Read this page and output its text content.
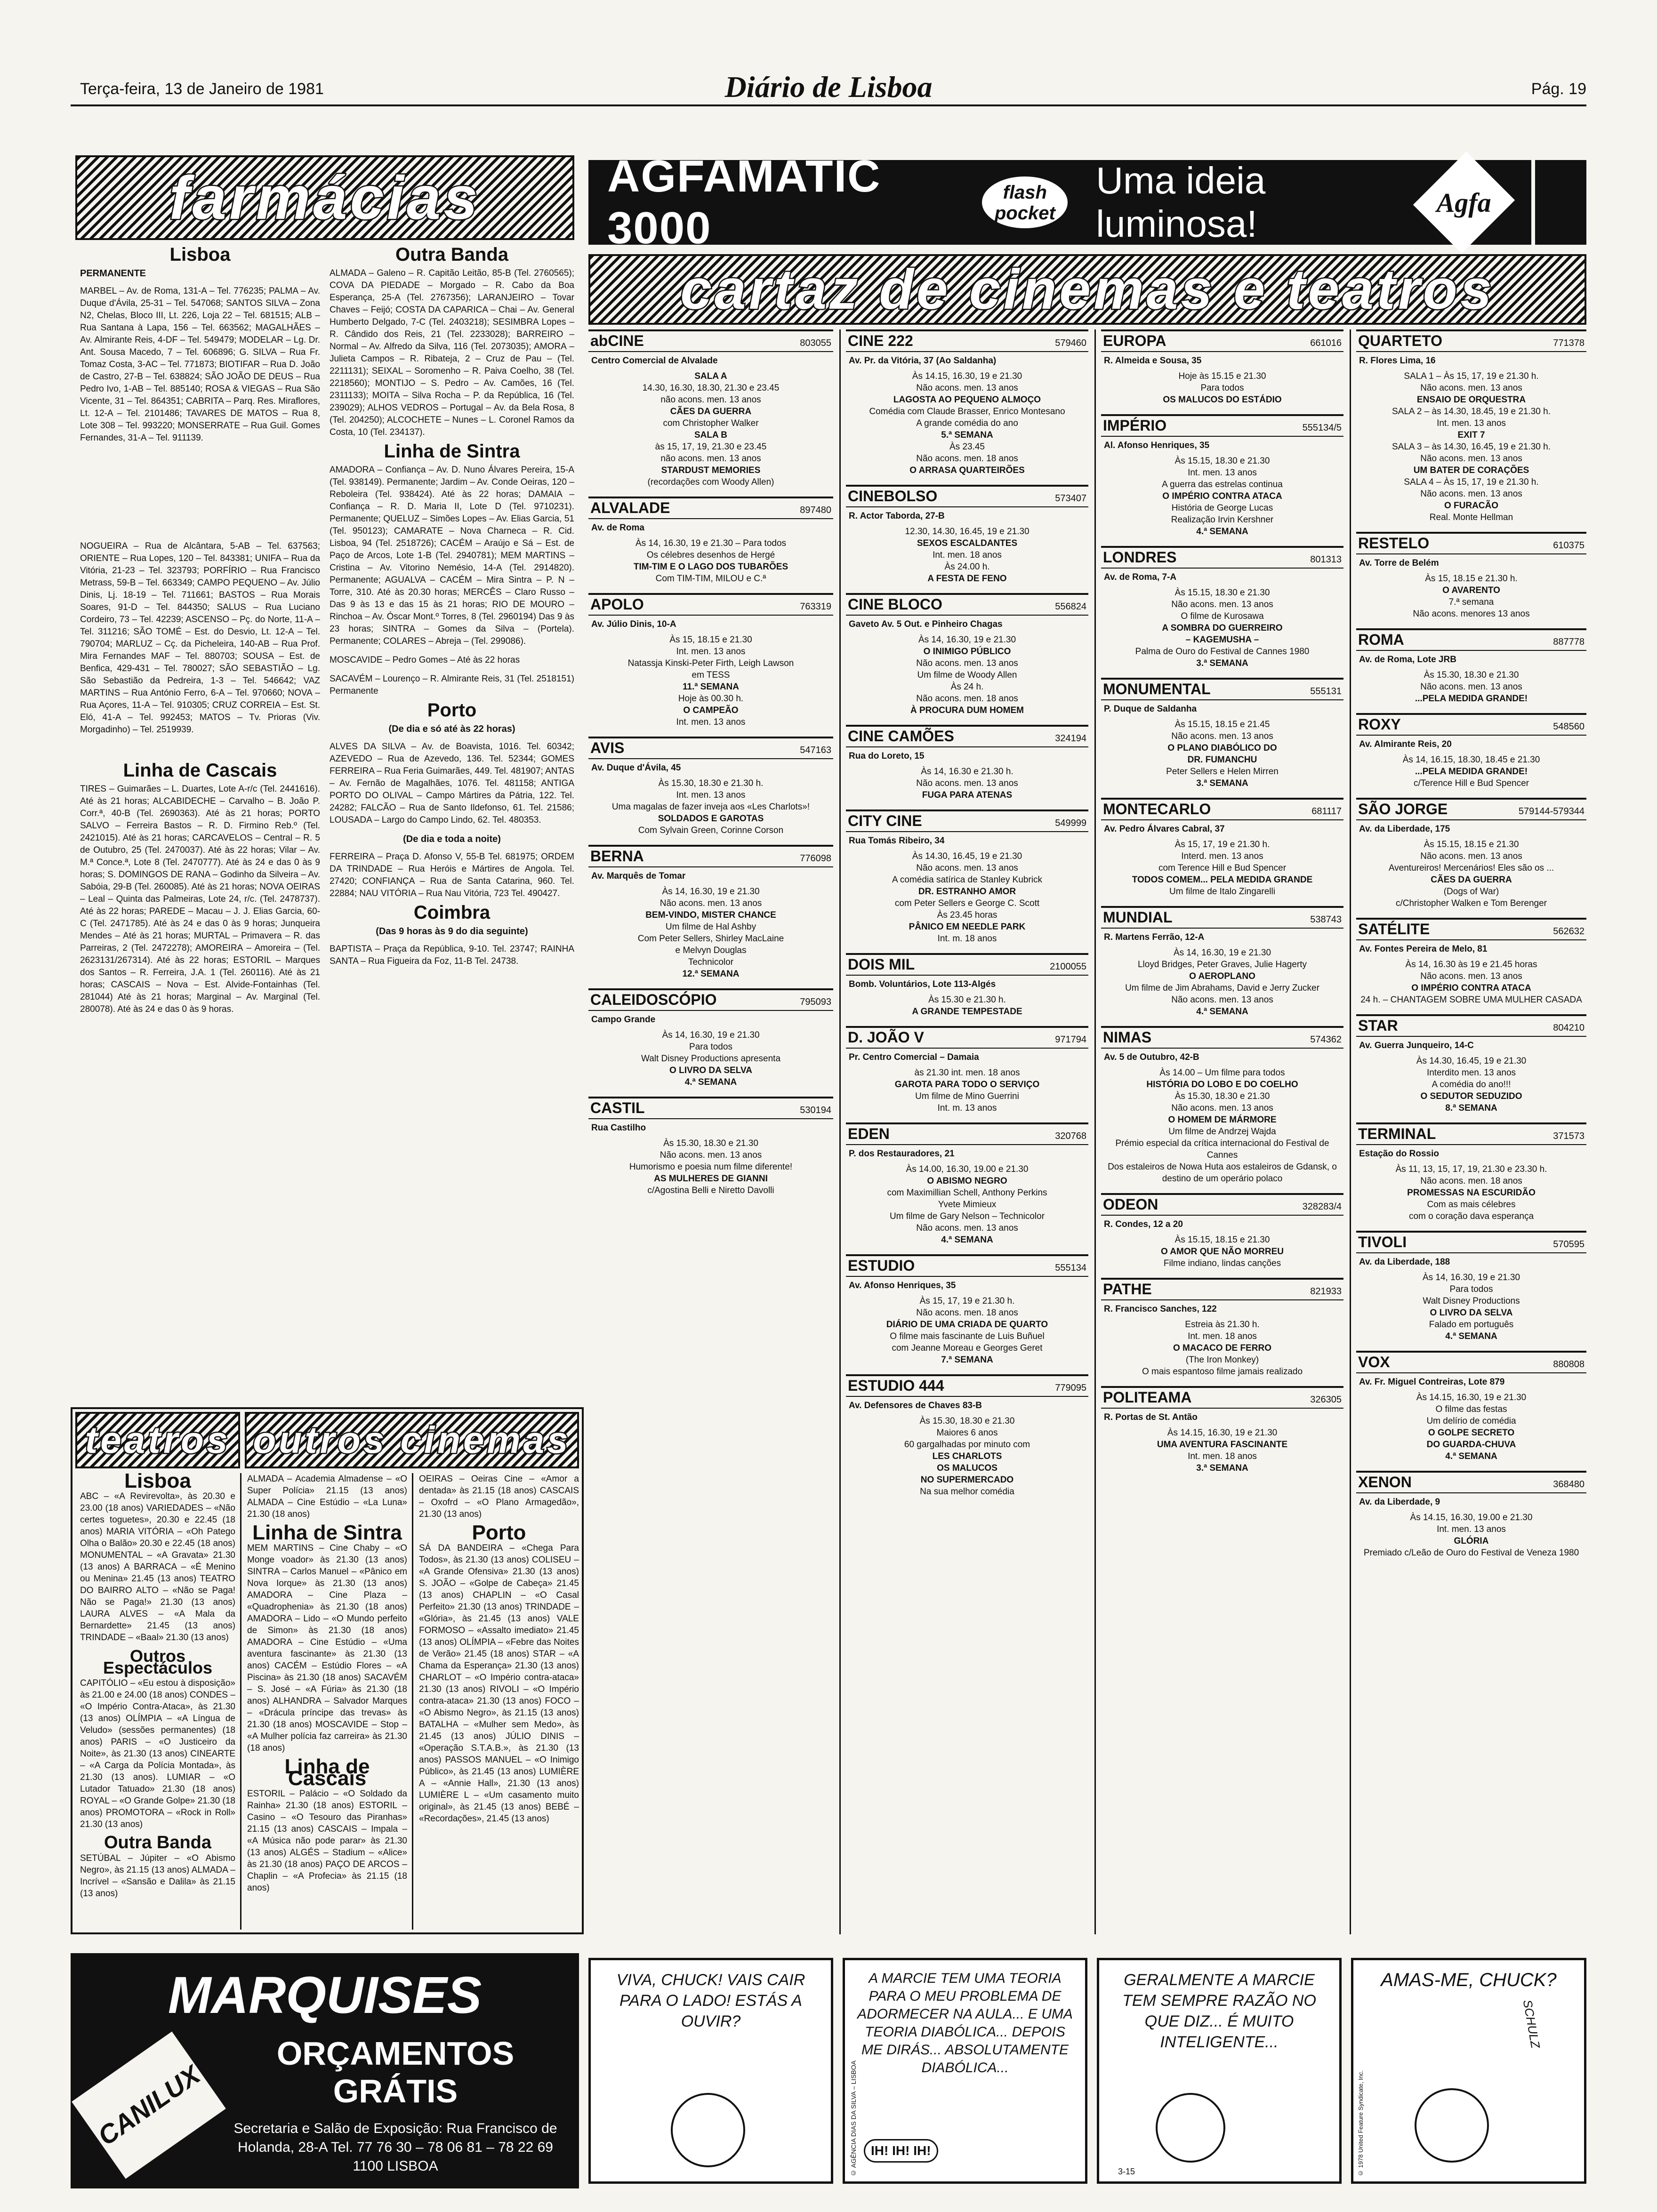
Terça-feira, 13 de Janeiro de 1981	Diário de Lisboa	Pág. 19
farmácias
Lisboa
PERMANENTE

MARBEL – Av. de Roma, 131-A – Tel. 776235; PALMA – Av. Duque d'Ávila, 25-31 – Tel. 547068; SANTOS SILVA – Zona N2, Chelas, Bloco III, Lt. 226, Loja 22 – Tel. 681515; ALB – Rua Santana à Lapa, 156 – Tel. 663562; MAGALHÃES – Av. Almirante Reis, 4-DF – Tel. 549479; MODELAR – Lg. Dr. Ant. Sousa Macedo, 7 – Tel. 606896; G. SILVA – Rua Fr. Tomaz Costa, 3-AC – Tel. 771873; BIOTIFAR – Rua D. João de Castro, 27-B – Tel. 638824; SÃO JOÃO DE DEUS – Rua Pedro Ivo, 1-AB – Tel. 885140; ROSA & VIEGAS – Rua São Vicente, 31 – Tel. 864351; CABRITA – Parq. Res. Miraflores, Lt. 12-A – Tel. 2101486; TAVARES DE MATOS – Rua 8, Lote 308 – Tel. 993220; MONSERRATE – Rua Guil. Gomes Fernandes, 31-A – Tel. 911139.

NOGUEIRA – Rua de Alcântara, 5-AB – Tel. 637563; ORIENTE – Rua Lopes, 120 – Tel. 843381; UNIFA – Rua da Vitória, 21-23 – Tel. 323793; PORFÍRIO – Rua Francisco Metrass, 59-B – Tel. 663349; CAMPO PEQUENO – Av. Júlio Dinis, Lj. 18-19 – Tel. 711661; BASTOS – Rua Morais Soares, 91-D – Tel. 844350; SALUS – Rua Luciano Cordeiro, 73 – Tel. 42239; ASCENSO – Pç. do Norte, 11-A – Tel. 311216; SÃO TOMÉ – Est. do Desvio, Lt. 12-A – Tel. 790704; MARLUZ – Cç. da Picheleira, 140-AB – Rua Prof. Mira Fernandes MAF – Tel. 880703; SOUSA – Est. de Benfica, 429-431 – Tel. 780027; SÃO SEBASTIÃO – Lg. São Sebastião da Pedreira, 1-3 – Tel. 546642; VAZ MARTINS – Rua António Ferro, 6-A – Tel. 970660; NOVA – Rua Açores, 11-A – Tel. 910305; CRUZ CORREIA – Est. St. Eló, 41-A – Tel. 992453; MATOS – Tv. Prioras (Viv. Morgadinho) – Tel. 2519939.

Linha de Cascais

TIRES – Guimarães – L. Duartes, Lote A-r/c (Tel. 2441616). Até às 21 horas; ALCABIDECHE – Carvalho – B. João P. Corr.ª, 40-B (Tel. 2690363). Até às 21 horas; PORTO SALVO – Ferreira Bastos – R. D. Firmino Reb.º (Tel. 2421015). Até às 21 horas; CARCAVELOS – Central – R. 5 de Outubro, 25 (Tel. 2470037). Até às 22 horas; Vilar – Av. M.ª Conce.ª, Lote 8 (Tel. 2470777). Até às 24 e das 0 às 9 horas; S. DOMINGOS DE RANA – Godinho da Silveira – Av. Sabóia, 29-B (Tel. 260085). Até às 21 horas; NOVA OEIRAS – Leal – Quinta das Palmeiras, Lote 24, r/c. (Tel. 2478737). Até às 22 horas; PAREDE – Macau – J. J. Elias Garcia, 60-C (Tel. 2471785). Até às 24 e das 0 às 9 horas; Junqueira Mendes – Até às 21 horas; MURTAL – Primavera – R. das Parreiras, 2 (Tel. 2472278); AMOREIRA – Amoreira – (Tel. 2623131/267314). Até às 22 horas; ESTORIL – Marques dos Santos – R. Ferreira, J.A. 1 (Tel. 260116). Até às 21 horas; CASCAIS – Nova – Est. Alvide-Fontainhas (Tel. 281044) Até às 21 horas; Marginal – Av. Marginal (Tel. 280078). Até às 24 e das 0 às 9 horas.

Outra Banda

ALMADA – Galeno – R. Capitão Leitão, 85-B (Tel. 2760565); COVA DA PIEDADE – Morgado – R. Cabo da Boa Esperança, 25-A (Tel. 2767356); LARANJEIRO – Tovar Chaves – Feijó; COSTA DA CAPARICA – Chai – Av. General Humberto Delgado, 7-C (Tel. 2403218); SESIMBRA Lopes – R. Cândido dos Reis, 21 (Tel. 2233028); BARREIRO – Normal – Av. Alfredo da Silva, 116 (Tel. 2073035); AMORA – Julieta Campos – R. Ribateja, 2 – Cruz de Pau – (Tel. 2211131); SEIXAL – Soromenho – R. Paiva Coelho, 38 (Tel. 2218560); MONTIJO – S. Pedro – Av. Camões, 16 (Tel. 2311133); MOITA – Silva Rocha – P. da República, 16 (Tel. 239029); ALHOS VEDROS – Portugal – Av. da Bela Rosa, 8 (Tel. 204250); ALCOCHETE – Nunes – L. Coronel Ramos da Costa, 10 (Tel. 234137).

Linha de Sintra

AMADORA – Confiança – Av. D. Nuno Álvares Pereira, 15-A (Tel. 938149). Permanente; Jardim – Av. Conde Oeiras, 120 – Reboleira (Tel. 938424). Até às 22 horas; DAMAIA – Confiança – R. D. Maria II, Lote D (Tel. 9710231). Permanente; QUELUZ – Simões Lopes – Av. Elias Garcia, 51 (Tel. 950123); CAMARATE – Nova Charneca – R. Cid. Lisboa, 94 (Tel. 2518726); CACÉM – Araújo e Sá – Est. de Paço de Arcos, Lote 1-B (Tel. 2940781); MEM MARTINS – Cristina – Av. Vitorino Nemésio, 14-A (Tel. 2914820). Permanente; AGUALVA – CACÉM – Mira Sintra – P. N – Torre, 310. Até às 20.30 horas; MERCÊS – Claro Russo – Das 9 às 13 e das 15 às 21 horas; RIO DE MOURO – Rinchoa – Av. Óscar Mont.º Torres, 8 (Tel. 2960194) Das 9 às 23 horas; SINTRA – Gomes da Silva – (Portela). Permanente; COLARES – Abreja – (Tel. 299086).

MOSCAVIDE – Pedro Gomes – Até às 22 horas

SACAVÉM – Lourenço – R. Almirante Reis, 31 (Tel. 2518151) Permanente

Porto
(De dia e só até às 22 horas)

ALVES DA SILVA – Av. de Boavista, 1016. Tel. 60342; AZEVEDO – Rua de Azevedo, 136. Tel. 52344; GOMES FERREIRA – Rua Feria Guimarães, 449. Tel. 481907; ANTAS – Av. Fernão de Magalhães, 1076. Tel. 481158; ANTIGA PORTO DO OLIVAL – Campo Mártires da Pátria, 122. Tel. 24282; FALCÃO – Rua de Santo Ildefonso, 61. Tel. 21586; LOUSADA – Largo do Campo Lindo, 62. Tel. 480353.

(De dia e toda a noite)

FERREIRA – Praça D. Afonso V, 55-B Tel. 681975; ORDEM DA TRINDADE – Rua Heróis e Mártires de Angola. Tel. 27420; CONFIANÇA – Rua de Santa Catarina, 960. Tel. 22884; NAU VITÓRIA – Rua Nau Vitória, 723 Tel. 490427.

Coimbra
(Das 9 horas às 9 do dia seguinte)

BAPTISTA – Praça da República, 9-10. Tel. 23747; RAINHA SANTA – Rua Figueira da Foz, 11-B Tel. 24738.

AGFAMATIC 3000
flash pocket
Uma ideia luminosa!
Agfa
cartaz de cinemas e teatros
abCINE	803055
Centro Comercial de Alvalade
SALA A
14.30, 16.30, 18.30, 21.30 e 23.45
não acons. men. 13 anos
CÃES DA GUERRA
com Christopher Walker
SALA B
às 15, 17, 19, 21.30 e 23.45
não acons. men. 13 anos
STARDUST MEMORIES
(recordações com Woody Allen)
ALVALADE	897480
Av. de Roma
Às 14, 16.30, 19 e 21.30 – Para todos
Os célebres desenhos de Hergé
TIM-TIM E O LAGO DOS TUBARÕES
Com TIM-TIM, MILOU e C.ª
APOLO	763319
Av. Júlio Dinis, 10-A
Às 15, 18.15 e 21.30
Int. men. 13 anos
Natassja Kinski-Peter Firth, Leigh Lawson
em TESS
11.ª SEMANA
Hoje às 00.30 h.
O CAMPEÃO
Int. men. 13 anos
AVIS	547163
Av. Duque d'Ávila, 45
Às 15.30, 18.30 e 21.30 h.
Int. men. 13 anos
Uma magalas de fazer inveja aos «Les Charlots»!
SOLDADOS E GAROTAS
Com Sylvain Green, Corinne Corson
BERNA	776098
Av. Marquês de Tomar
Às 14, 16.30, 19 e 21.30
Não acons. men. 13 anos
BEM-VINDO, MISTER CHANCE
Um filme de Hal Ashby
Com Peter Sellers, Shirley MacLaine
e Melvyn Douglas
Technicolor
12.ª SEMANA
CALEIDOSCÓPIO	795093
Campo Grande
Às 14, 16.30, 19 e 21.30
Para todos
Walt Disney Productions apresenta
O LIVRO DA SELVA
4.ª SEMANA
CASTIL	530194
Rua Castilho
Às 15.30, 18.30 e 21.30
Não acons. men. 13 anos
Humorismo e poesia num filme diferente!
AS MULHERES DE GIANNI
c/Agostina Belli e Niretto Davolli
CINE 222	579460
Av. Pr. da Vitória, 37 (Ao Saldanha)
Às 14.15, 16.30, 19 e 21.30
Não acons. men. 13 anos
LAGOSTA AO PEQUENO ALMOÇO
Comédia com Claude Brasser, Enrico Montesano
A grande comédia do ano
5.ª SEMANA
Às 23.45
Não acons. men. 18 anos
O ARRASA QUARTEIRÕES
CINEBOLSO	573407
R. Actor Taborda, 27-B
12.30, 14.30, 16.45, 19 e 21.30
SEXOS ESCALDANTES
Int. men. 18 anos
Às 24.00 h.
A FESTA DE FENO
CINE BLOCO	556824
Gaveto Av. 5 Out. e Pinheiro Chagas
Às 14, 16.30, 19 e 21.30
O INIMIGO PÚBLICO
Não acons. men. 13 anos
Um filme de Woody Allen
Às 24 h.
Não acons. men. 18 anos
À PROCURA DUM HOMEM
CINE CAMÕES	324194
Rua do Loreto, 15
Às 14, 16.30 e 21.30 h.
Não acons. men. 13 anos
FUGA PARA ATENAS
CITY CINE	549999
Rua Tomás Ribeiro, 34
Às 14.30, 16.45, 19 e 21.30
Não acons. men. 13 anos
A comédia satírica de Stanley Kubrick
DR. ESTRANHO AMOR
com Peter Sellers e George C. Scott
Às 23.45 horas
PÂNICO EM NEEDLE PARK
Int. m. 18 anos
DOIS MIL	2100055
Bomb. Voluntários, Lote 113-Algés
Às 15.30 e 21.30 h.
A GRANDE TEMPESTADE
D. JOÃO V	971794
Pr. Centro Comercial – Damaia
às 21.30 int. men. 18 anos
GAROTA PARA TODO O SERVIÇO
Um filme de Mino Guerrini
Int. m. 13 anos
EDEN	320768
P. dos Restauradores, 21
Às 14.00, 16.30, 19.00 e 21.30
O ABISMO NEGRO
com Maximillian Schell, Anthony Perkins
Yvete Mimieux
Um filme de Gary Nelson – Technicolor
Não acons. men. 13 anos
4.ª SEMANA
ESTUDIO	555134
Av. Afonso Henriques, 35
Às 15, 17, 19 e 21.30 h.
Não acons. men. 18 anos
DIÁRIO DE UMA CRIADA DE QUARTO
O filme mais fascinante de Luis Buñuel
com Jeanne Moreau e Georges Geret
7.ª SEMANA
ESTUDIO 444	779095
Av. Defensores de Chaves 83-B
Às 15.30, 18.30 e 21.30
Maiores 6 anos
60 gargalhadas por minuto com
LES CHARLOTS
OS MALUCOS
NO SUPERMERCADO
Na sua melhor comédia
EUROPA	661016
R. Almeida e Sousa, 35
Hoje às 15.15 e 21.30
Para todos
OS MALUCOS DO ESTÁDIO
IMPÉRIO	555134/5
Al. Afonso Henriques, 35
Às 15.15, 18.30 e 21.30
Int. men. 13 anos
A guerra das estrelas continua
O IMPÉRIO CONTRA ATACA
História de George Lucas
Realização Irvin Kershner
4.ª SEMANA
LONDRES	801313
Av. de Roma, 7-A
Às 15.15, 18.30 e 21.30
Não acons. men. 13 anos
O filme de Kurosawa
A SOMBRA DO GUERREIRO
– KAGEMUSHA –
Palma de Ouro do Festival de Cannes 1980
3.ª SEMANA
MONUMENTAL	555131
P. Duque de Saldanha
Às 15.15, 18.15 e 21.45
Não acons. men. 13 anos
O PLANO DIABÓLICO DO
DR. FUMANCHU
Peter Sellers e Helen Mirren
3.ª SEMANA
MONTECARLO	681117
Av. Pedro Álvares Cabral, 37
Às 15, 17, 19 e 21.30 h.
Interd. men. 13 anos
com Terence Hill e Bud Spencer
TODOS COMEM... PELA MEDIDA GRANDE
Um filme de Italo Zingarelli
MUNDIAL	538743
R. Martens Ferrão, 12-A
Às 14, 16.30, 19 e 21.30
Lloyd Bridges, Peter Graves, Julie Hagerty
O AEROPLANO
Um filme de Jim Abrahams, David e Jerry Zucker
Não acons. men. 13 anos
4.ª SEMANA
NIMAS	574362
Av. 5 de Outubro, 42-B
Às 14.00 – Um filme para todos
HISTÓRIA DO LOBO E DO COELHO
Às 15.30, 18.30 e 21.30
Não acons. men. 13 anos
O HOMEM DE MÁRMORE
Um filme de Andrzej Wajda
Prémio especial da crítica internacional do Festival de Cannes
Dos estaleiros de Nowa Huta aos estaleiros de Gdansk, o destino de um operário polaco
ODEON	328283/4
R. Condes, 12 a 20
Às 15.15, 18.15 e 21.30
O AMOR QUE NÃO MORREU
Filme indiano, lindas canções
PATHE	821933
R. Francisco Sanches, 122
Estreia às 21.30 h.
Int. men. 18 anos
O MACACO DE FERRO
(The Iron Monkey)
O mais espantoso filme jamais realizado
POLITEAMA	326305
R. Portas de St. Antão
Às 14.15, 16.30, 19 e 21.30
UMA AVENTURA FASCINANTE
Int. men. 18 anos
3.ª SEMANA
QUARTETO	771378
R. Flores Lima, 16
SALA 1 – Às 15, 17, 19 e 21.30 h.
Não acons. men. 13 anos
ENSAIO DE ORQUESTRA
SALA 2 – às 14.30, 18.45, 19 e 21.30 h.
Int. men. 13 anos
EXIT 7
SALA 3 – às 14.30, 16.45, 19 e 21.30 h.
Não acons. men. 13 anos
UM BATER DE CORAÇÕES
SALA 4 – Às 15, 17, 19 e 21.30 h.
Não acons. men. 13 anos
O FURACÃO
Real. Monte Hellman
RESTELO	610375
Av. Torre de Belém
Às 15, 18.15 e 21.30 h.
O AVARENTO
7.ª semana
Não acons. menores 13 anos
ROMA	887778
Av. de Roma, Lote JRB
Às 15.30, 18.30 e 21.30
Não acons. men. 13 anos
...PELA MEDIDA GRANDE!
ROXY	548560
Av. Almirante Reis, 20
Às 14, 16.15, 18.30, 18.45 e 21.30
...PELA MEDIDA GRANDE!
c/Terence Hill e Bud Spencer
SÃO JORGE	579144-579344
Av. da Liberdade, 175
Às 15.15, 18.15 e 21.30
Não acons. men. 13 anos
Aventureiros! Mercenários! Eles são os ...
CÃES DA GUERRA
(Dogs of War)
c/Christopher Walken e Tom Berenger
SATÉLITE	562632
Av. Fontes Pereira de Melo, 81
Às 14, 16.30 às 19 e 21.45 horas
Não acons. men. 13 anos
O IMPÉRIO CONTRA ATACA
24 h. – CHANTAGEM SOBRE UMA MULHER CASADA
STAR	804210
Av. Guerra Junqueiro, 14-C
Às 14.30, 16.45, 19 e 21.30
Interdito men. 13 anos
A comédia do ano!!!
O SEDUTOR SEDUZIDO
8.ª SEMANA
TERMINAL	371573
Estação do Rossio
Às 11, 13, 15, 17, 19, 21.30 e 23.30 h.
Não acons. men. 18 anos
PROMESSAS NA ESCURIDÃO
Com as mais célebres
com o coração dava esperança
TIVOLI	570595
Av. da Liberdade, 188
Às 14, 16.30, 19 e 21.30
Para todos
Walt Disney Productions
O LIVRO DA SELVA
Falado em português
4.ª SEMANA
VOX	880808
Av. Fr. Miguel Contreiras, Lote 879
Às 14.15, 16.30, 19 e 21.30
O filme das festas
Um delírio de comédia
O GOLPE SECRETO
DO GUARDA-CHUVA
4.ª SEMANA
XENON	368480
Av. da Liberdade, 9
Às 14.15, 16.30, 19.00 e 21.30
Int. men. 13 anos
GLÓRIA
Premiado c/Leão de Ouro do Festival de Veneza 1980
teatros outros cinemas
Lisboa

ABC – «A Revirevolta», às 20.30 e 23.00 (18 anos) VARIEDADES – «Não certes toguetes», 20.30 e 22.45 (18 anos) MARIA VITÓRIA – «Oh Patego Olha o Balão» 20.30 e 22.45 (18 anos) MONUMENTAL – «A Gravata» 21.30 (13 anos) A BARRACA – «É Menino ou Menina» 21.45 (13 anos) TEATRO DO BAIRRO ALTO – «Não se Paga! Não se Paga!» 21.30 (13 anos) LAURA ALVES – «A Mala da Bernardette» 21.45 (13 anos) TRINDADE – «Baal» 21.30 (13 anos)

Outros Espectáculos

CAPITÓLIO – «Eu estou à disposição» às 21.00 e 24.00 (18 anos) CONDES – «O Império Contra-Ataca», às 21.30 (13 anos) OLÍMPIA – «A Língua de Veludo» (sessões permanentes) (18 anos) PARIS – «O Justiceiro da Noite», às 21.30 (13 anos) CINEARTE – «A Carga da Polícia Montada», às 21.30 (13 anos). LUMIAR – «O Lutador Tatuado» 21.30 (18 anos) ROYAL – «O Grande Golpe» 21.30 (18 anos) PROMOTORA – «Rock in Roll» 21.30 (13 anos)

Outra Banda

SETÚBAL – Júpiter – «O Abismo Negro», às 21.15 (13 anos) ALMADA – Incrível – «Sansão e Dalila» às 21.15 (13 anos)

ALMADA – Academia Almadense – «O Super Polícia» 21.15 (13 anos) ALMADA – Cine Estúdio – «La Luna» 21.30 (18 anos)

Linha de Sintra

MEM MARTINS – Cine Chaby – «O Monge voador» às 21.30 (13 anos) SINTRA – Carlos Manuel – «Pânico em Nova Iorque» às 21.30 (13 anos) AMADORA – Cine Plaza – «Quadrophenia» às 21.30 (18 anos) AMADORA – Lido – «O Mundo perfeito de Simon» às 21.30 (18 anos) AMADORA – Cine Estúdio – «Uma aventura fascinante» às 21.30 (13 anos) CACÉM – Estúdio Flores – «A Piscina» às 21.30 (18 anos) SACAVÉM – S. José – «A Fúria» às 21.30 (18 anos) ALHANDRA – Salvador Marques – «Drácula príncipe das trevas» às 21.30 (18 anos) MOSCAVIDE – Stop – «A Mulher polícia faz carreira» às 21.30 (18 anos)

Linha de Cascais

ESTORIL – Palácio – «O Soldado da Rainha» 21.30 (18 anos) ESTORIL – Casino – «O Tesouro das Piranhas» 21.15 (13 anos) CASCAIS – Impala – «A Música não pode parar» às 21.30 (13 anos) ALGÉS – Stadium – «Alice» às 21.30 (18 anos) PAÇO DE ARCOS – Chaplin – «A Profecia» às 21.15 (18 anos)

OEIRAS – Oeiras Cine – «Amor a dentada» às 21.15 (18 anos) CASCAIS – Oxofrd – «O Plano Armagedão», 21.30 (13 anos)

Porto

SÁ DA BANDEIRA – «Chega Para Todos», às 21.30 (13 anos) COLISEU – «A Grande Ofensiva» 21.30 (13 anos) S. JOÃO – «Golpe de Cabeça» 21.45 (13 anos) CHAPLIN – «O Casal Perfeito» 21.30 (13 anos) TRINDADE – «Glória», às 21.45 (13 anos) VALE FORMOSO – «Assalto imediato» 21.45 (13 anos) OLÍMPIA – «Febre das Noites de Verão» 21.45 (18 anos) STAR – «A Chama da Esperança» 21.30 (13 anos) CHARLOT – «O Império contra-ataca» 21.30 (13 anos) RIVOLI – «O Império contra-ataca» 21.30 (13 anos) FOCO – «O Abismo Negro», às 21.15 (13 anos) BATALHA – «Mulher sem Medo», às 21.45 (13 anos) JÚLIO DINIS – «Operação S.T.A.B.», às 21.30 (13 anos) PASSOS MANUEL – «O Inimigo Público», às 21.45 (13 anos) LUMIÈRE A – «Annie Hall», 21.30 (13 anos) LUMIÈRE L – «Um casamento muito original», às 21.45 (13 anos) BEBÉ – «Recordações», 21.45 (13 anos)

MARQUISES
CANILUX
ORÇAMENTOS GRÁTIS
Secretaria e Salão de Exposição: Rua Francisco de Holanda, 28-A Tel. 77 76 30 – 78 06 81 – 78 22 69 1100 LISBOA
VIVA, CHUCK! VAIS CAIR PARA O LADO! ESTÁS A OUVIR?
A MARCIE TEM UMA TEORIA PARA O MEU PROBLEMA DE ADORMECER NA AULA... E UMA TEORIA DIABÓLICA... DEPOIS ME DIRÁS... ABSOLUTAMENTE DIABÓLICA...
IH! IH! IH!
© AGÊNCIA DIAS DA SILVA – LISBOA
GERALMENTE A MARCIE TEM SEMPRE RAZÃO NO QUE DIZ... É MUITO INTELIGENTE...
3-15
AMAS-ME, CHUCK?
SCHULZ
© 1978 United Feature Syndicate, Inc.
